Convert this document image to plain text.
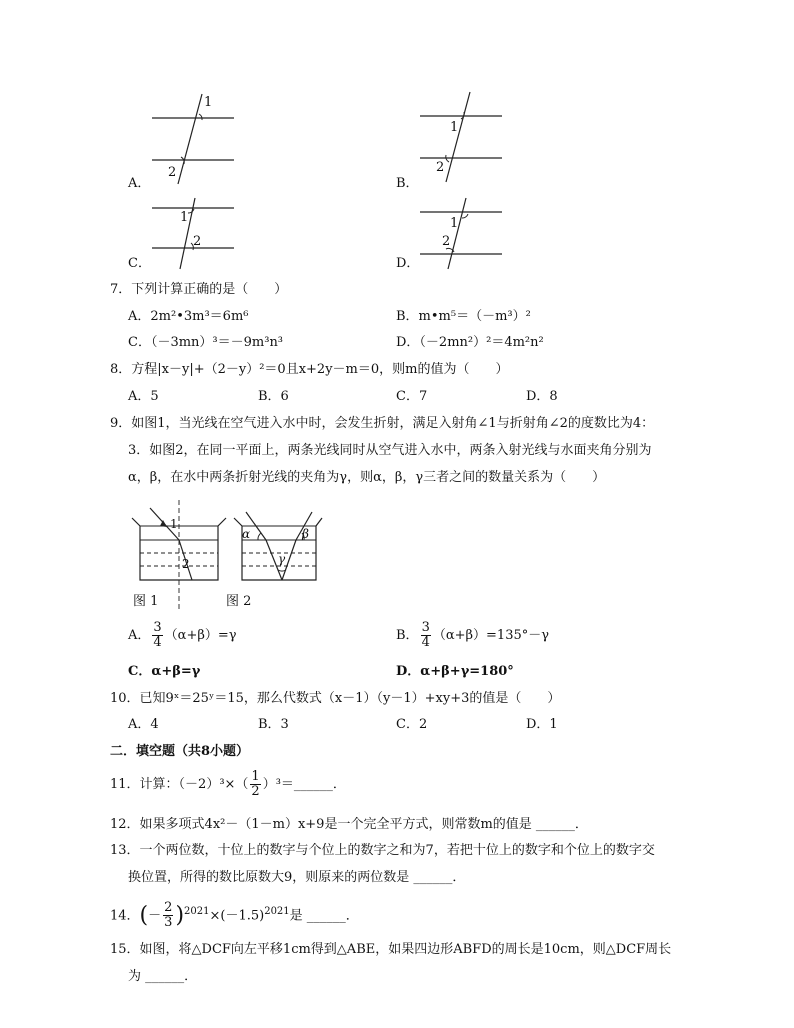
1
2
A．
1
2
B．
1
2
C．
1
2
D．
7．下列计算正确的是（　　）
A．2m²•3m³＝6m⁶	B．m•m⁵＝（－m³）²
C．（－3mn）³＝－9m³n³	D．（－2mn²）²＝4m²n²
8．方程|x－y|+（2－y）²＝0且x+2y－m＝0，则m的值为（　　）
A．5	B．6	C．7	D．8
9．如图1，当光线在空气进入水中时，会发生折射，满足入射角∠1与折射角∠2的度数比为4：
3．如图2，在同一平面上，两条光线同时从空气进入水中，两条入射光线与水面夹角分别为
α，β，在水中两条折射光线的夹角为γ，则α，β，γ三者之间的数量关系为（　　）
1
2
图 1
α	β
γ
图 2
A． $\frac{3}{4} (\alpha+\beta)=\gamma$	B． $\frac{3}{4} (\alpha+\beta)=135^\circ-\gamma$
C．α+β=γ	D．α+β+γ=180°
10．已知9ˣ＝25ʸ＝15，那么代数式（x－1）（y－1）+xy+3的值是（　　）
A．4	B．3	C．2	D．1
二．填空题（共8小题）
11．计算：$(-2)^3\times( \frac{1}{2}$ ）³＝______．
12．如果多项式4x²－（1－m）x+9是一个完全平方式，则常数m的值是 ______．
13．一个两位数，十位上的数字与个位上的数字之和为7，若把十位上的数字和个位上的数字交
换位置，所得的数比原数大9，则原来的两位数是 ______．
14．(－ $\frac{2}{3} )^{2021}\times(-1.5)^{2021}$是 ______．
15．如图，将△DCF向左平移1cm得到△ABE，如果四边形ABFD的周长是10cm，则△DCF周长
为 ______．
